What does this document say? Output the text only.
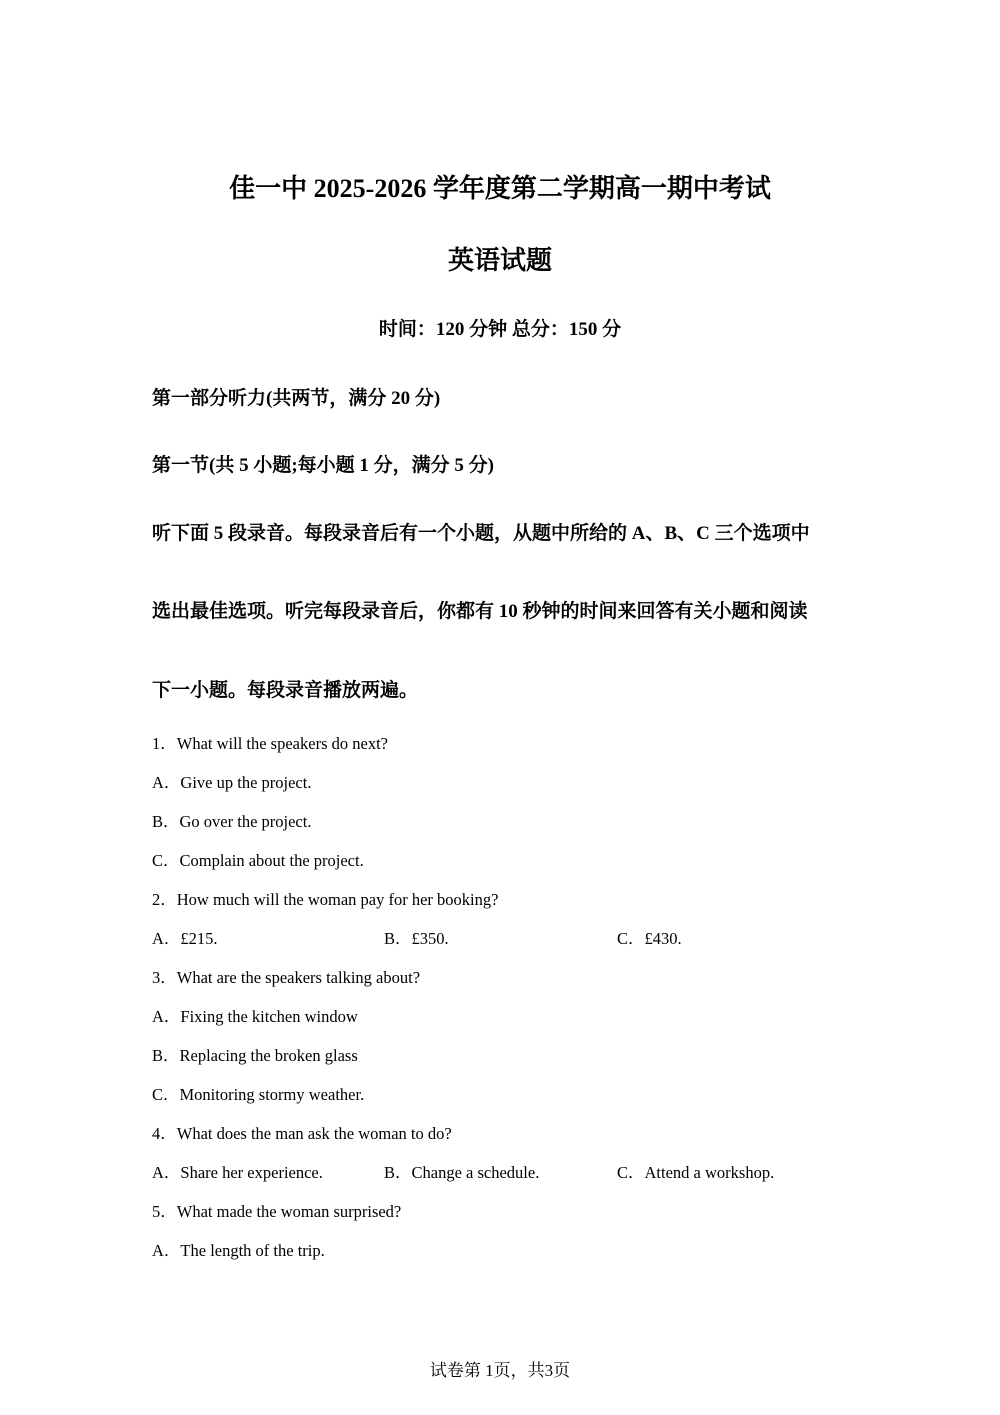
佳一中 2025-2026 学年度第二学期高一期中考试
英语试题
时间：120 分钟 总分：150 分
第一部分听力(共两节，满分 20 分)
第一节(共 5 小题;每小题 1 分，满分 5 分)
听下面 5 段录音。每段录音后有一个小题，从题中所给的 A、B、C 三个选项中
选出最佳选项。听完每段录音后，你都有 10 秒钟的时间来回答有关小题和阅读
下一小题。每段录音播放两遍。
1．What will the speakers do next?
A．Give up the project.
B．Go over the project.
C．Complain about the project.
2．How much will the woman pay for her booking?
A．£215.	B．£350.	C．£430.
3．What are the speakers talking about?
A．Fixing the kitchen window
B．Replacing the broken glass
C．Monitoring stormy weather.
4．What does the man ask the woman to do?
A．Share her experience.	B．Change a schedule.	C．Attend a workshop.
5．What made the woman surprised?
A．The length of the trip.
试卷第 1页，共3页
